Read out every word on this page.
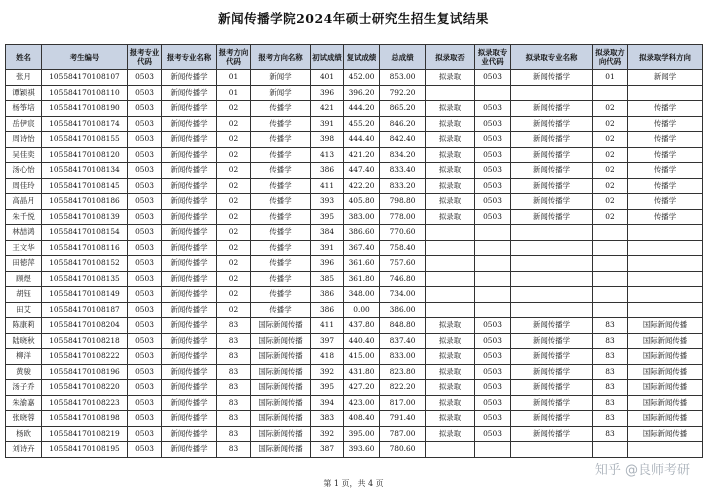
新闻传播学院2024年硕士研究生招生复试结果
姓名	考生编号	报考专业代码	报考专业名称	报考方向代码	报考方向名称	初试成绩	复试成绩	总成绩	拟录取否	拟录取专业代码	拟录取专业名称	拟录取方向代码	拟录取学科方向
张月	105584170108107	0503	新闻传播学	01	新闻学	401	452.00	853.00	拟录取	0503	新闻传播学	01	新闻学
谭颖祺	105584170108110	0503	新闻传播学	01	新闻学	396	396.20	792.20					
杨筝培	105584170108190	0503	新闻传播学	02	传播学	421	444.20	865.20	拟录取	0503	新闻传播学	02	传播学
岳伊宸	105584170108174	0503	新闻传播学	02	传播学	391	455.20	846.20	拟录取	0503	新闻传播学	02	传播学
周诗怡	105584170108155	0503	新闻传播学	02	传播学	398	444.40	842.40	拟录取	0503	新闻传播学	02	传播学
吴佳奕	105584170108120	0503	新闻传播学	02	传播学	413	421.20	834.20	拟录取	0503	新闻传播学	02	传播学
汤心怡	105584170108134	0503	新闻传播学	02	传播学	386	447.40	833.40	拟录取	0503	新闻传播学	02	传播学
周佳玲	105584170108145	0503	新闻传播学	02	传播学	411	422.20	833.20	拟录取	0503	新闻传播学	02	传播学
高晶月	105584170108186	0503	新闻传播学	02	传播学	393	405.80	798.80	拟录取	0503	新闻传播学	02	传播学
朱千悦	105584170108139	0503	新闻传播学	02	传播学	395	383.00	778.00	拟录取	0503	新闻传播学	02	传播学
林喆鸿	105584170108154	0503	新闻传播学	02	传播学	384	386.60	770.60					
王文华	105584170108116	0503	新闻传播学	02	传播学	391	367.40	758.40					
田徳萍	105584170108152	0503	新闻传播学	02	传播学	396	361.60	757.60					
顾煜	105584170108135	0503	新闻传播学	02	传播学	385	361.80	746.80					
胡钰	105584170108149	0503	新闻传播学	02	传播学	386	348.00	734.00					
田艾	105584170108187	0503	新闻传播学	02	传播学	386	0.00	386.00					
陈康莉	105584170108204	0503	新闻传播学	83	国际新闻传播	411	437.80	848.80	拟录取	0503	新闻传播学	83	国际新闻传播
陆晓秋	105584170108218	0503	新闻传播学	83	国际新闻传播	397	440.40	837.40	拟录取	0503	新闻传播学	83	国际新闻传播
柳洋	105584170108222	0503	新闻传播学	83	国际新闻传播	418	415.00	833.00	拟录取	0503	新闻传播学	83	国际新闻传播
黄骏	105584170108196	0503	新闻传播学	83	国际新闻传播	392	431.80	823.80	拟录取	0503	新闻传播学	83	国际新闻传播
汤子乔	105584170108220	0503	新闻传播学	83	国际新闻传播	395	427.20	822.20	拟录取	0503	新闻传播学	83	国际新闻传播
朱渝嘉	105584170108223	0503	新闻传播学	83	国际新闻传播	394	423.00	817.00	拟录取	0503	新闻传播学	83	国际新闻传播
张晓蓉	105584170108198	0503	新闻传播学	83	国际新闻传播	383	408.40	791.40	拟录取	0503	新闻传播学	83	国际新闻传播
杨欧	105584170108219	0503	新闻传播学	83	国际新闻传播	392	395.00	787.00	拟录取	0503	新闻传播学	83	国际新闻传播
刘诗卉	105584170108195	0503	新闻传播学	83	国际新闻传播	387	393.60	780.60					
第 1 页，共 4 页
知乎 @良师考研
